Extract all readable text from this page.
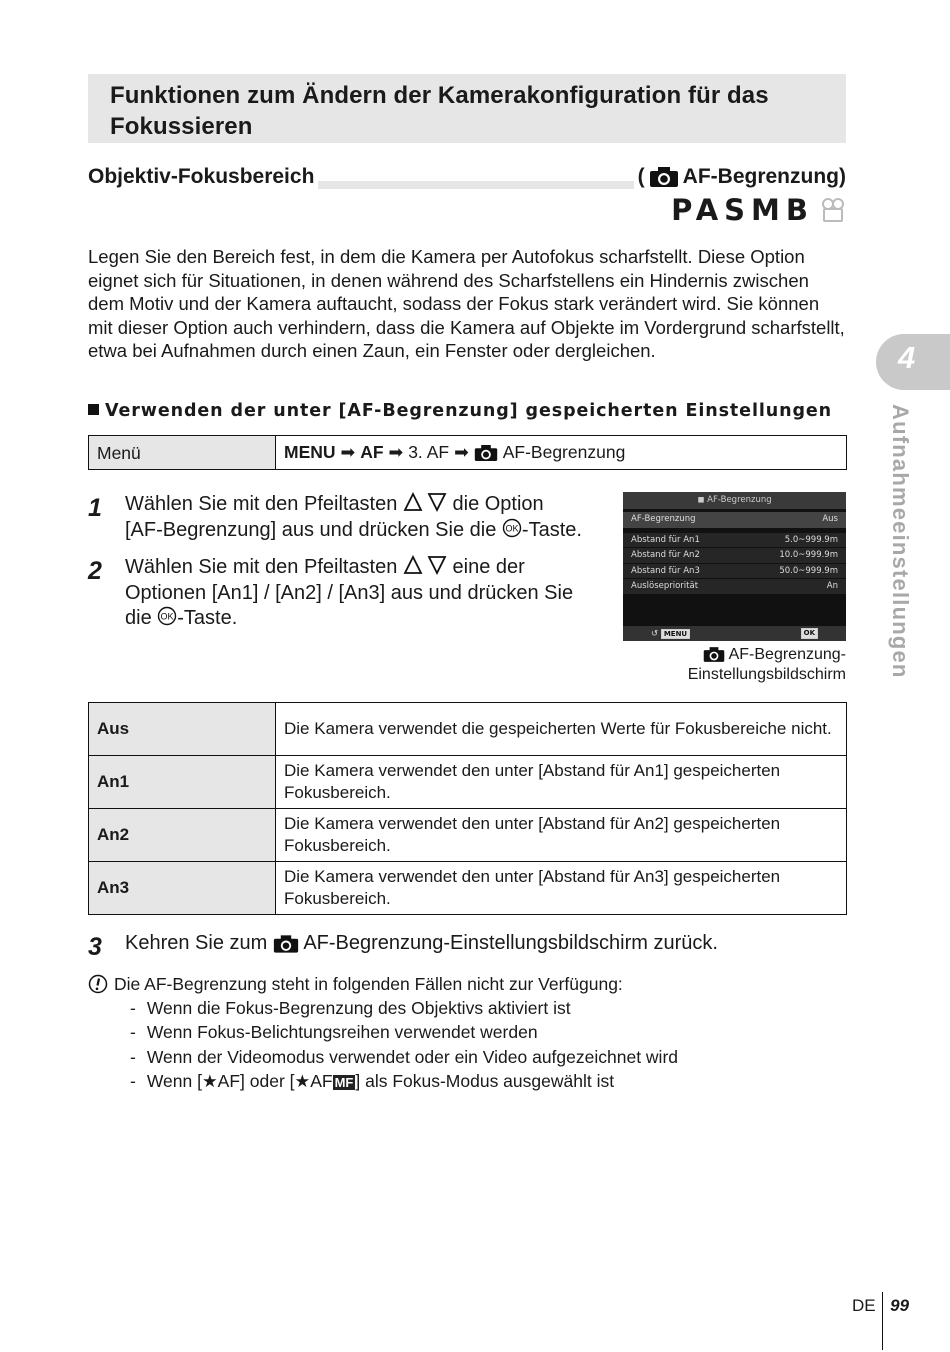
Funktionen zum Ändern der Kamerakonfiguration für das
Fokussieren
Objektiv-Fokusbereich	( AF-Begrenzung)
PASMB
Legen Sie den Bereich fest, in dem die Kamera per Autofokus scharfstellt. Diese Option eignet sich für Situationen, in denen während des Scharfstellens ein Hindernis zwischen dem Motiv und der Kamera auftaucht, sodass der Fokus stark verändert wird. Sie können mit dieser Option auch verhindern, dass die Kamera auf Objekte im Vordergrund scharfstellt, etwa bei Aufnahmen durch einen Zaun, ein Fenster oder dergleichen.
Verwenden der unter [AF-Begrenzung] gespeicherten Einstellungen
Menü	MENU ➡ AF ➡ 3. AF ➡ AF-Begrenzung
1	Wählen Sie mit den Pfeiltasten	die Option
[AF-Begrenzung] aus und drücken Sie die OK -Taste.
2	Wählen Sie mit den Pfeiltasten	eine der
Optionen [An1] / [An2] / [An3] aus und drücken Sie
die OK -Taste.
◼ AF-Begrenzung
AF-Begrenzung	Aus
Abstand für An1	5.0~999.9m
Abstand für An2	10.0~999.9m
Abstand für An3	50.0~999.9m
Auslösepriorität	An
↺ MENU	OK
AF-Begrenzung-
Einstellungsbildschirm
Aus	Die Kamera verwendet die gespeicherten Werte für Fokusbereiche nicht.
An1	Die Kamera verwendet den unter [Abstand für An1] gespeicherten Fokusbereich.
An2	Die Kamera verwendet den unter [Abstand für An2] gespeicherten Fokusbereich.
An3	Die Kamera verwendet den unter [Abstand für An3] gespeicherten Fokusbereich.
3	Kehren Sie zum AF-Begrenzung-Einstellungsbildschirm zurück.
Die AF-Begrenzung steht in folgenden Fällen nicht zur Verfügung:
- Wenn die Fokus-Begrenzung des Objektivs aktiviert ist
- Wenn Fokus-Belichtungsreihen verwendet werden
- Wenn der Videomodus verwendet oder ein Video aufgezeichnet wird
- Wenn [★AF] oder [★AF MF ] als Fokus-Modus ausgewählt ist
4
Aufnahmeeinstellungen
DE 99
